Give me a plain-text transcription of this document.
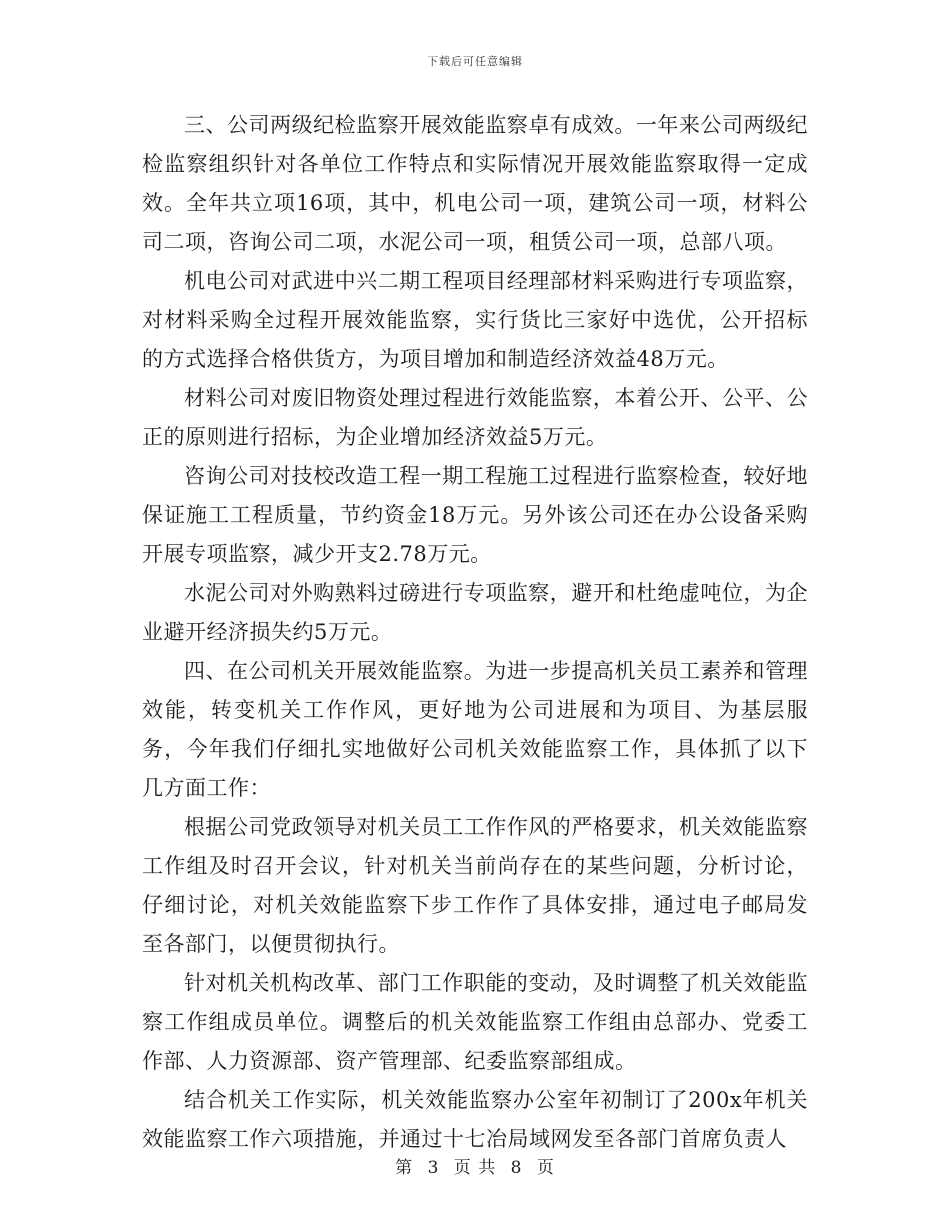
下载后可任意编辑

三、公司两级纪检监察开展效能监察卓有成效。一年来公司两级纪检监察组织针对各单位工作特点和实际情况开展效能监察取得一定成效。全年共立项16项，其中，机电公司一项，建筑公司一项，材料公司二项，咨询公司二项，水泥公司一项，租赁公司一项，总部八项。

机电公司对武进中兴二期工程项目经理部材料采购进行专项监察，对材料采购全过程开展效能监察，实行货比三家好中选优，公开招标的方式选择合格供货方，为项目增加和制造经济效益48万元。

材料公司对废旧物资处理过程进行效能监察，本着公开、公平、公正的原则进行招标，为企业增加经济效益5万元。

咨询公司对技校改造工程一期工程施工过程进行监察检查，较好地保证施工工程质量，节约资金18万元。另外该公司还在办公设备采购开展专项监察，减少开支2.78万元。

水泥公司对外购熟料过磅进行专项监察，避开和杜绝虚吨位，为企业避开经济损失约5万元。

四、在公司机关开展效能监察。为进一步提高机关员工素养和管理效能，转变机关工作作风，更好地为公司进展和为项目、为基层服务，今年我们仔细扎实地做好公司机关效能监察工作，具体抓了以下几方面工作：

根据公司党政领导对机关员工工作作风的严格要求，机关效能监察工作组及时召开会议，针对机关当前尚存在的某些问题，分析讨论，仔细讨论，对机关效能监察下步工作作了具体安排，通过电子邮局发至各部门，以便贯彻执行。

针对机关机构改革、部门工作职能的变动，及时调整了机关效能监察工作组成员单位。调整后的机关效能监察工作组由总部办、党委工作部、人力资源部、资产管理部、纪委监察部组成。

结合机关工作实际，机关效能监察办公室年初制订了200x年机关效能监察工作六项措施，并通过十七冶局域网发至各部门首席负责人

第 3 页 共 8 页
